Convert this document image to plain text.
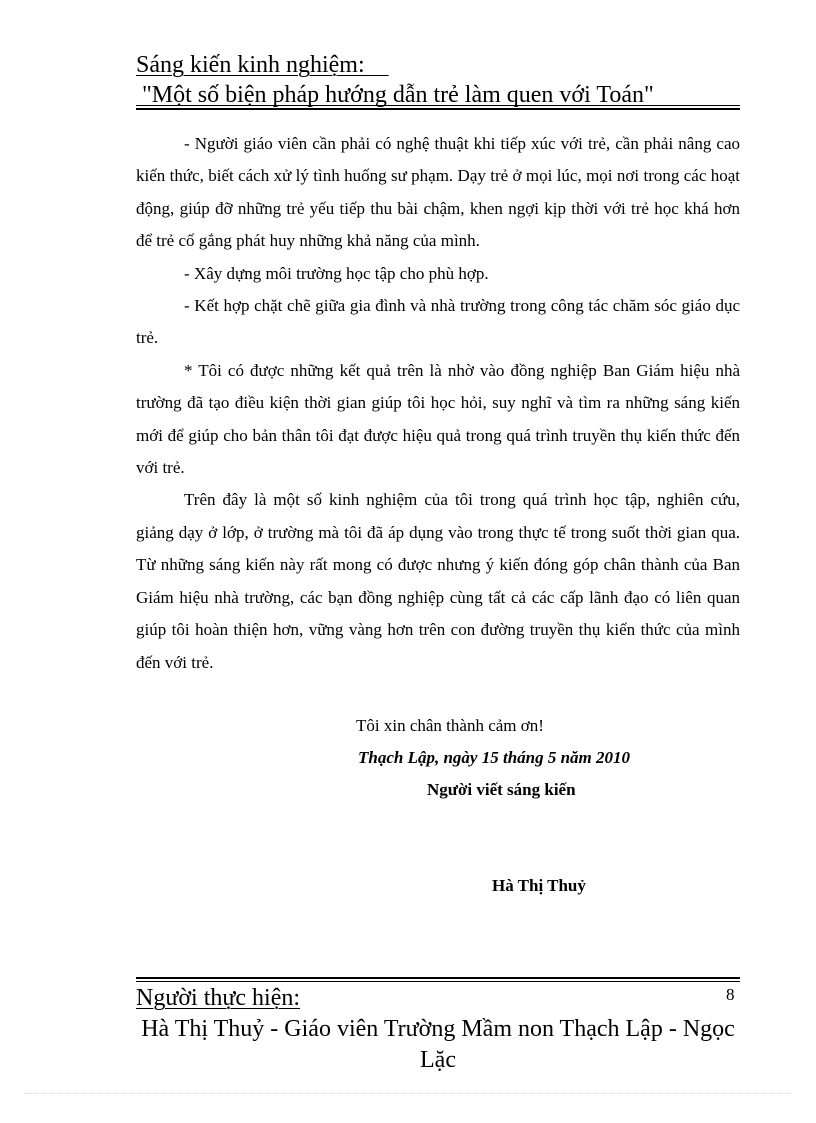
Sáng kiến kinh nghiệm:
"Một số biện pháp hướng dẫn trẻ làm quen với Toán"

- Người giáo viên cần phải có nghệ thuật khi tiếp xúc với trẻ, cần phải nâng cao kiến thức, biết cách xử lý tình huống sư phạm. Dạy trẻ ở mọi lúc, mọi nơi trong các hoạt động, giúp đỡ những trẻ yếu tiếp thu bài chậm, khen ngợi kịp thời với trẻ học khá hơn để trẻ cố gắng phát huy những khả năng của mình.

- Xây dựng môi trường học tập cho phù hợp.

- Kết hợp chặt chẽ giữa gia đình và nhà trường trong công tác chăm sóc giáo dục trẻ.

* Tôi có được những kết quả trên là nhờ vào đồng nghiệp Ban Giám hiệu nhà trường đã tạo điều kiện thời gian giúp tôi học hỏi, suy nghĩ và tìm ra những sáng kiến mới để giúp cho bản thân tôi đạt được hiệu quả trong quá trình truyền thụ kiến thức đến với trẻ.

Trên đây là một số kinh nghiệm của tôi trong quá trình học tập, nghiên cứu, giảng dạy ở lớp, ở trường mà tôi đã áp dụng vào trong thực tế trong suốt thời gian qua. Từ những sáng kiến này rất mong có được nhưng ý kiến đóng góp chân thành của Ban Giám hiệu nhà trường, các bạn đồng nghiệp cùng tất cả các cấp lãnh đạo có liên quan giúp tôi hoàn thiện hơn, vững vàng hơn trên con đường truyền thụ kiến thức của mình đến với trẻ.

Tôi xin chân thành cảm ơn!
Thạch Lập, ngày 15 tháng 5 năm 2010
Người viết sáng kiến
Hà Thị Thuỷ
Người thực hiện:	8
Hà Thị Thuỷ - Giáo viên Trường Mầm non Thạch Lập - Ngọc Lặc
